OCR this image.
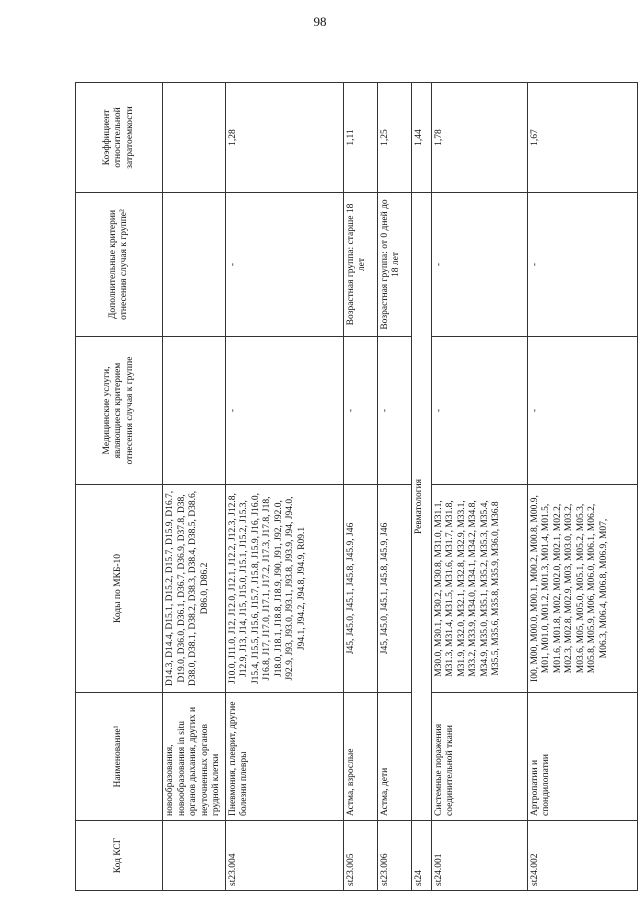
98
Код КСГ	Наименование¹	Коды по МКБ-10	Медицинские услуги, являющиеся критерием отнесения случая к группе	Дополнительные критерии отнесения случая к группе²	Коэффициент относительной затратоемкости
	новообразования, новообразования in situ органов дыхания, других и неуточненных органов грудной клетки	D14.3, D14.4, D15.1, D15.2, D15.7, D15.9, D16.7, D19.0, D36.0, D36.1, D36.7, D36.9, D37.8, D38, D38.0, D38.1, D38.2, D38.3, D38.4, D38.5, D38.6, D86.0, D86.2			
st23.004	Пневмония, плеврит, другие болезни плевры	J10.0, J11.0, J12, J12.0, J12.1, J12.2, J12.3, J12.8, J12.9, J13, J14, J15, J15.0, J15.1, J15.2, J15.3, J15.4, J15.5, J15.6, J15.7, J15.8, J15.9, J16, J16.0, J16.8, J17, J17.0, J17.1, J17.2, J17.3, J17.8, J18, J18.0, J18.1, J18.8, J18.9, J90, J91, J92, J92.0, J92.9, J93, J93.0, J93.1, J93.8, J93.9, J94, J94.0, J94.1, J94.2, J94.8, J94.9, R09.1	-	-	1,28
st23.005	Астма, взрослые	J45, J45.0, J45.1, J45.8, J45.9, J46	-	Возрастная группа: старше 18 лет	1,11
st23.006	Астма, дети	J45, J45.0, J45.1, J45.8, J45.9, J46	-	Возрастная группа: от 0 дней до 18 лет	1,25
st24	Ревматология				1,44
st24.001	Системные поражения соединительной ткани	M30.0, M30.1, M30.2, M30.8, M31.0, M31.1, M31.3, M31.4, M31.5, M31.6, M31.7, M31.8, M31.9, M32.0, M32.1, M32.8, M32.9, M33.1, M33.2, M33.9, M34.0, M34.1, M34.2, M34.8, M34.9, M35.0, M35.1, M35.2, M35.3, M35.4, M35.5, M35.6, M35.8, M35.9, M36.0, M36.8	-	-	1,78
st24.002	Артропатии и спондилопатии	I00, M00, M00.0, M00.1, M00.2, M00.8, M00.9, M01, M01.0, M01.2, M01.3, M01.4, M01.5, M01.6, M01.8, M02, M02.0, M02.1, M02.2, M02.3, M02.8, M02.9, M03, M03.0, M03.2, M03.6, M05, M05.0, M05.1, M05.2, M05.3, M05.8, M05.9, M06, M06.0, M06.1, M06.2, M06.3, M06.4, M06.8, M06.9, M07,	-	-	1,67
